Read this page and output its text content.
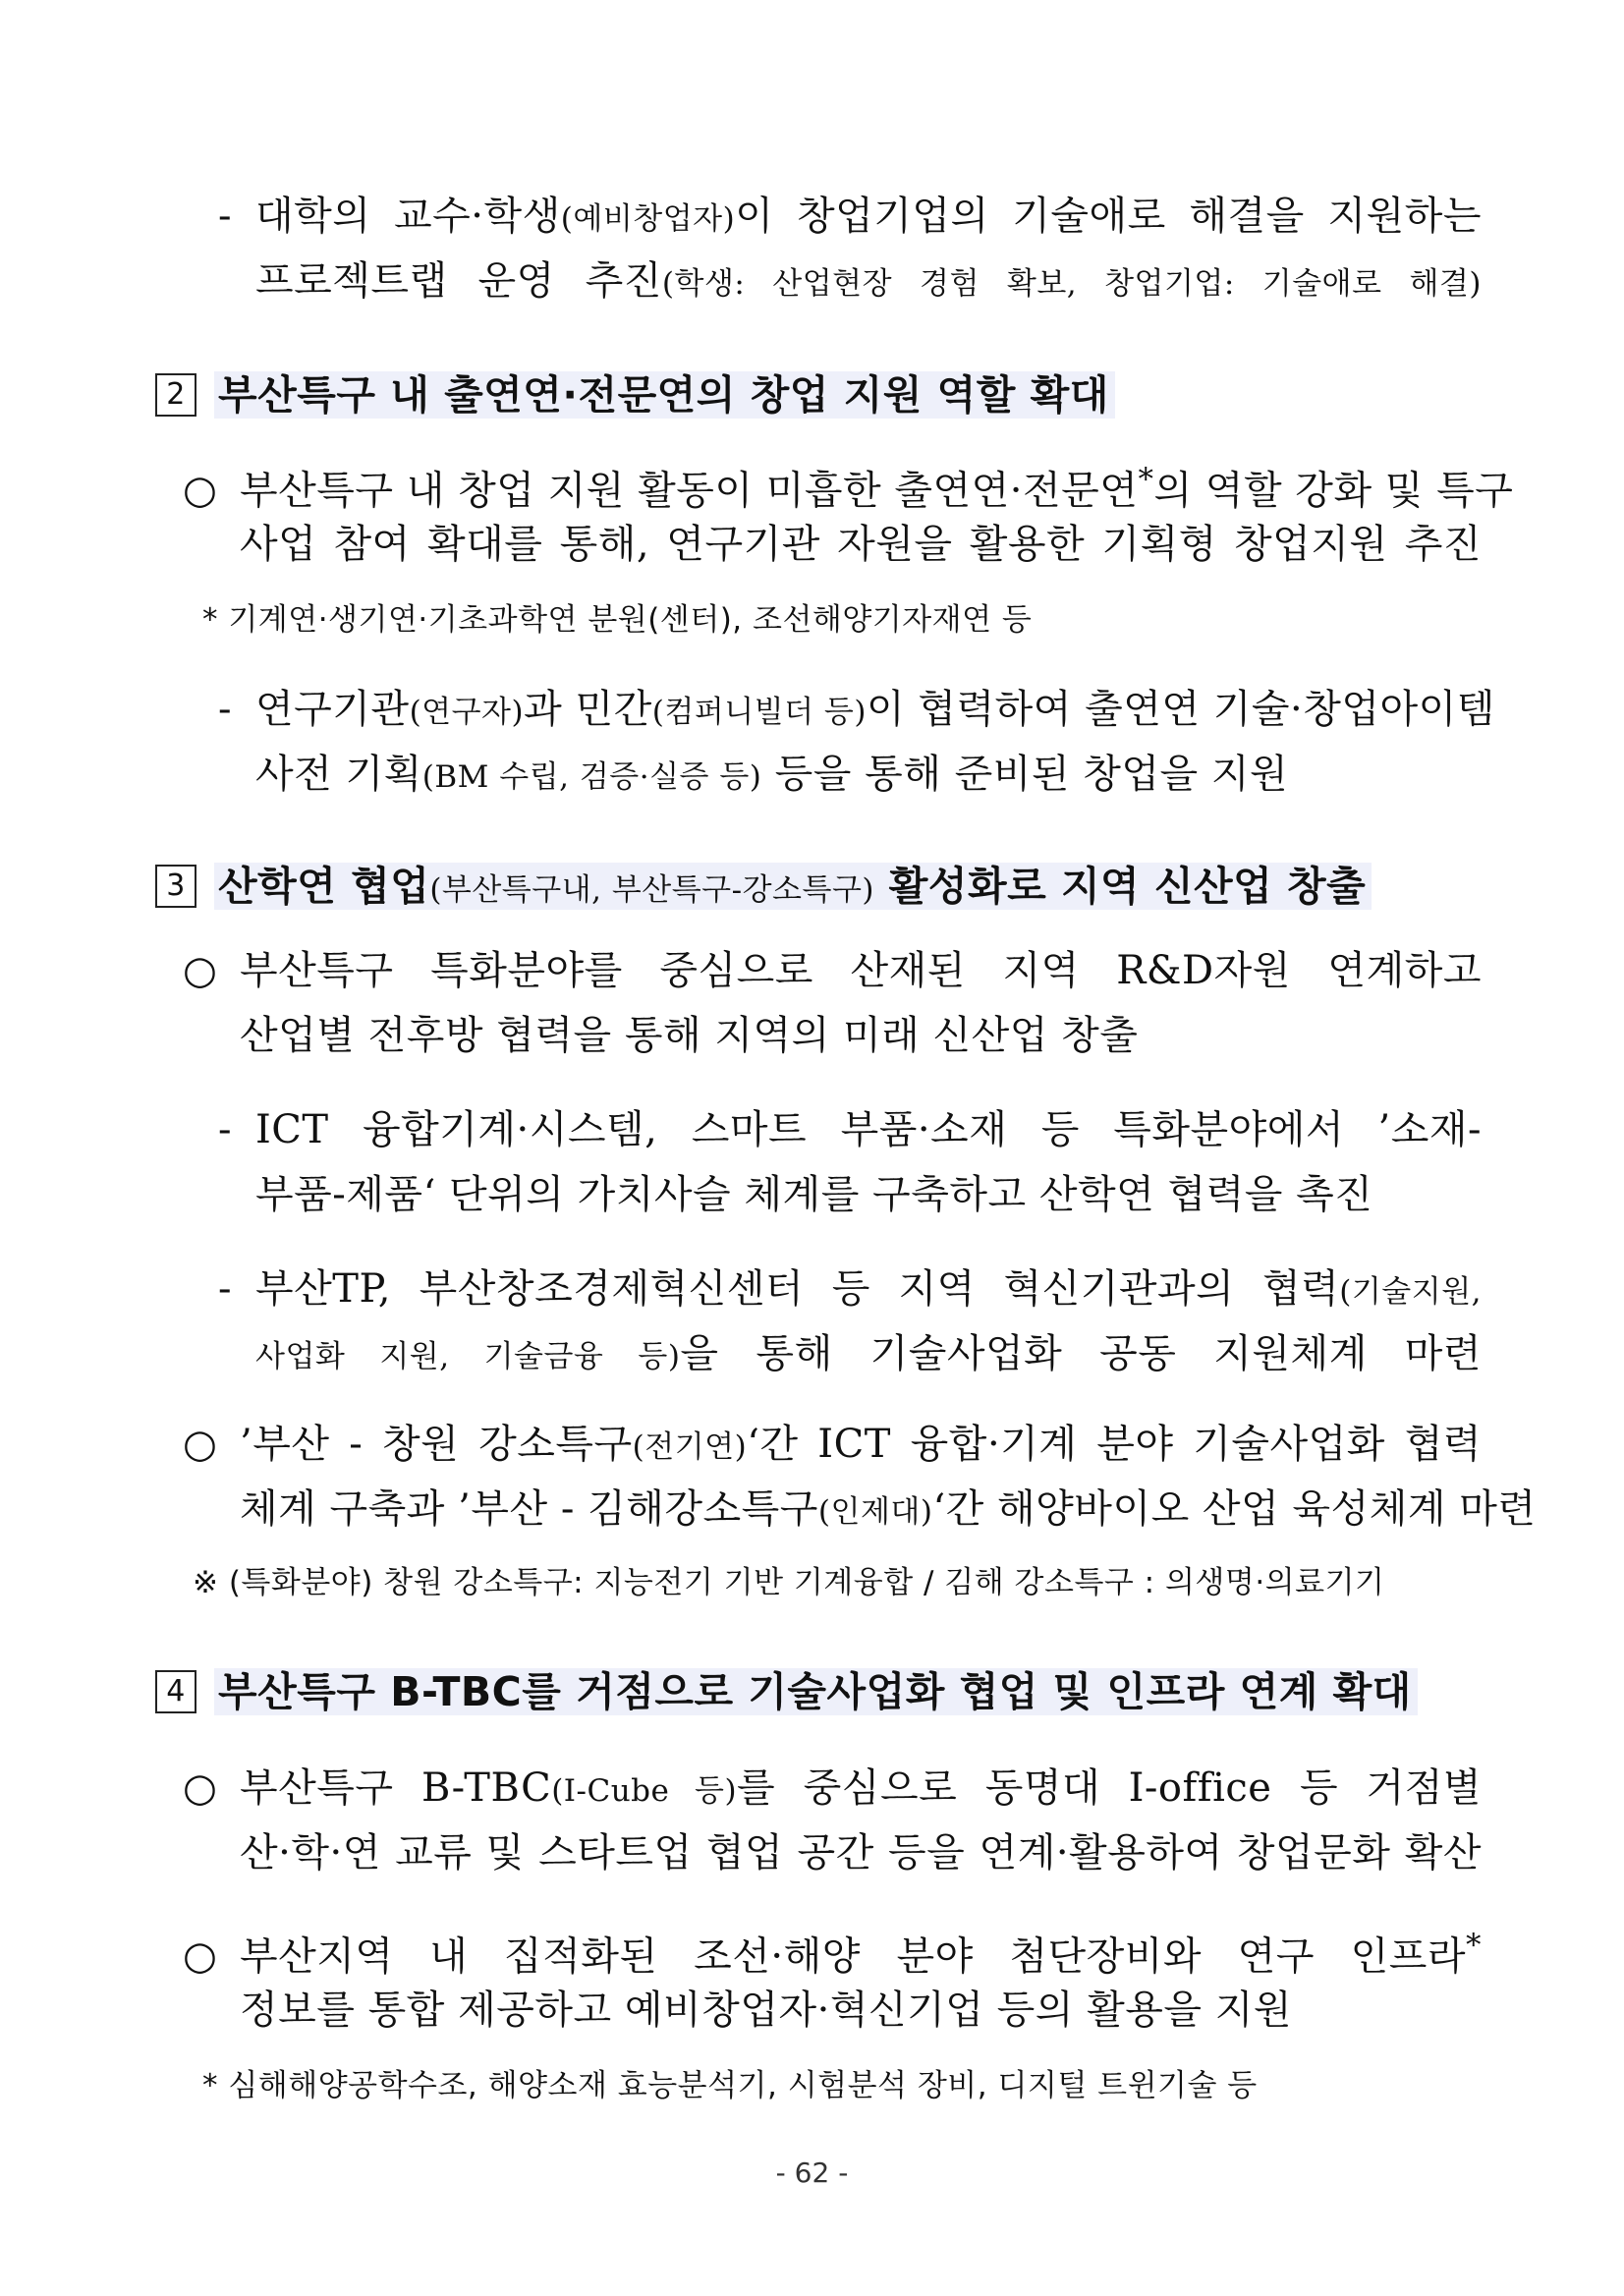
- 대학의 교수·학생(예비창업자)이 창업기업의 기술애로 해결을 지원하는
프로젝트랩 운영 추진(학생: 산업현장 경험 확보, 창업기업: 기술애로 해결)
2 부산특구 내 출연연·전문연의 창업 지원 역할 확대
○ 부산특구 내 창업 지원 활동이 미흡한 출연연·전문연*의 역할 강화 및 특구
사업 참여 확대를 통해, 연구기관 자원을 활용한 기획형 창업지원 추진
* 기계연·생기연·기초과학연 분원(센터), 조선해양기자재연 등
- 연구기관(연구자)과 민간(컴퍼니빌더 등)이 협력하여 출연연 기술·창업아이템
사전 기획(BM 수립, 검증·실증 등) 등을 통해 준비된 창업을 지원
3 산학연 협업(부산특구내, 부산특구-강소특구) 활성화로 지역 신산업 창출
○ 부산특구 특화분야를 중심으로 산재된 지역 R&D자원 연계하고
산업별 전후방 협력을 통해 지역의 미래 신산업 창출
- ICT 융합기계·시스템, 스마트 부품·소재 등 특화분야에서 ’소재-
부품-제품‘ 단위의 가치사슬 체계를 구축하고 산학연 협력을 촉진
- 부산TP, 부산창조경제혁신센터 등 지역 혁신기관과의 협력(기술지원,
사업화 지원, 기술금융 등)을 통해 기술사업화 공동 지원체계 마련
○ ’부산 - 창원 강소특구(전기연)‘간 ICT 융합·기계 분야 기술사업화 협력
체계 구축과 ’부산 - 김해강소특구(인제대)‘간 해양바이오 산업 육성체계 마련
※ (특화분야) 창원 강소특구: 지능전기 기반 기계융합 / 김해 강소특구 : 의생명·의료기기
4 부산특구 B-TBC를 거점으로 기술사업화 협업 및 인프라 연계 확대
○ 부산특구 B-TBC(I-Cube 등)를 중심으로 동명대 I-office 등 거점별
산·학·연 교류 및 스타트업 협업 공간 등을 연계·활용하여 창업문화 확산
○ 부산지역 내 집적화된 조선·해양 분야 첨단장비와 연구 인프라*
정보를 통합 제공하고 예비창업자·혁신기업 등의 활용을 지원
* 심해해양공학수조, 해양소재 효능분석기, 시험분석 장비, 디지털 트윈기술 등
- 62 -
